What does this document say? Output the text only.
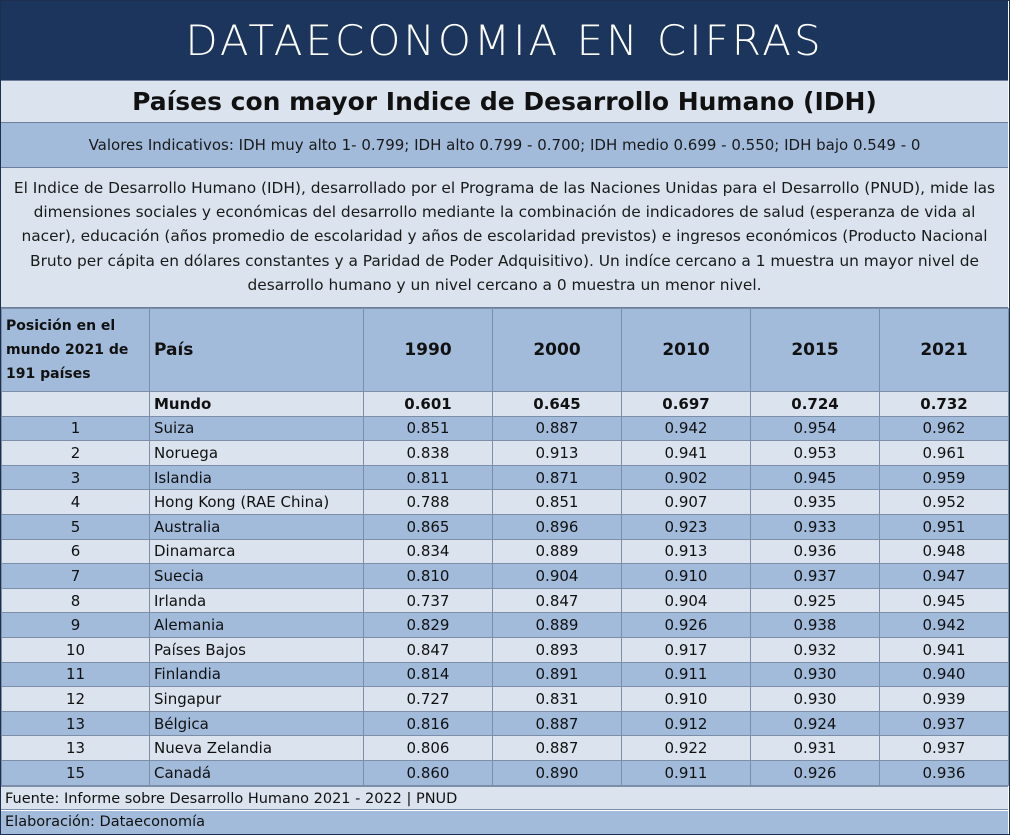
DATAECONOMIA EN CIFRAS
Países con mayor Indice de Desarrollo Humano (IDH)
Valores Indicativos: IDH muy alto 1- 0.799; IDH alto 0.799 - 0.700; IDH medio 0.699 - 0.550; IDH bajo 0.549 - 0
El Indice de Desarrollo Humano (IDH), desarrollado por el Programa de las Naciones Unidas para el Desarrollo (PNUD), mide las dimensiones sociales y económicas del desarrollo mediante la combinación de indicadores de salud (esperanza de vida al nacer), educación (años promedio de escolaridad y años de escolaridad previstos) e ingresos económicos (Producto Nacional Bruto per cápita en dólares constantes y a Paridad de Poder Adquisitivo). Un indíce cercano a 1 muestra un mayor nivel de desarrollo humano y un nivel cercano a 0 muestra un menor nivel.
Posición en el mundo 2021 de 191 países	País	1990	2000	2010	2015	2021
	Mundo	0.601	0.645	0.697	0.724	0.732
1	Suiza	0.851	0.887	0.942	0.954	0.962
2	Noruega	0.838	0.913	0.941	0.953	0.961
3	Islandia	0.811	0.871	0.902	0.945	0.959
4	Hong Kong (RAE China)	0.788	0.851	0.907	0.935	0.952
5	Australia	0.865	0.896	0.923	0.933	0.951
6	Dinamarca	0.834	0.889	0.913	0.936	0.948
7	Suecia	0.810	0.904	0.910	0.937	0.947
8	Irlanda	0.737	0.847	0.904	0.925	0.945
9	Alemania	0.829	0.889	0.926	0.938	0.942
10	Países Bajos	0.847	0.893	0.917	0.932	0.941
11	Finlandia	0.814	0.891	0.911	0.930	0.940
12	Singapur	0.727	0.831	0.910	0.930	0.939
13	Bélgica	0.816	0.887	0.912	0.924	0.937
13	Nueva Zelandia	0.806	0.887	0.922	0.931	0.937
15	Canadá	0.860	0.890	0.911	0.926	0.936
Fuente: Informe sobre Desarrollo Humano 2021 - 2022 | PNUD
Elaboración: Dataeconomía
